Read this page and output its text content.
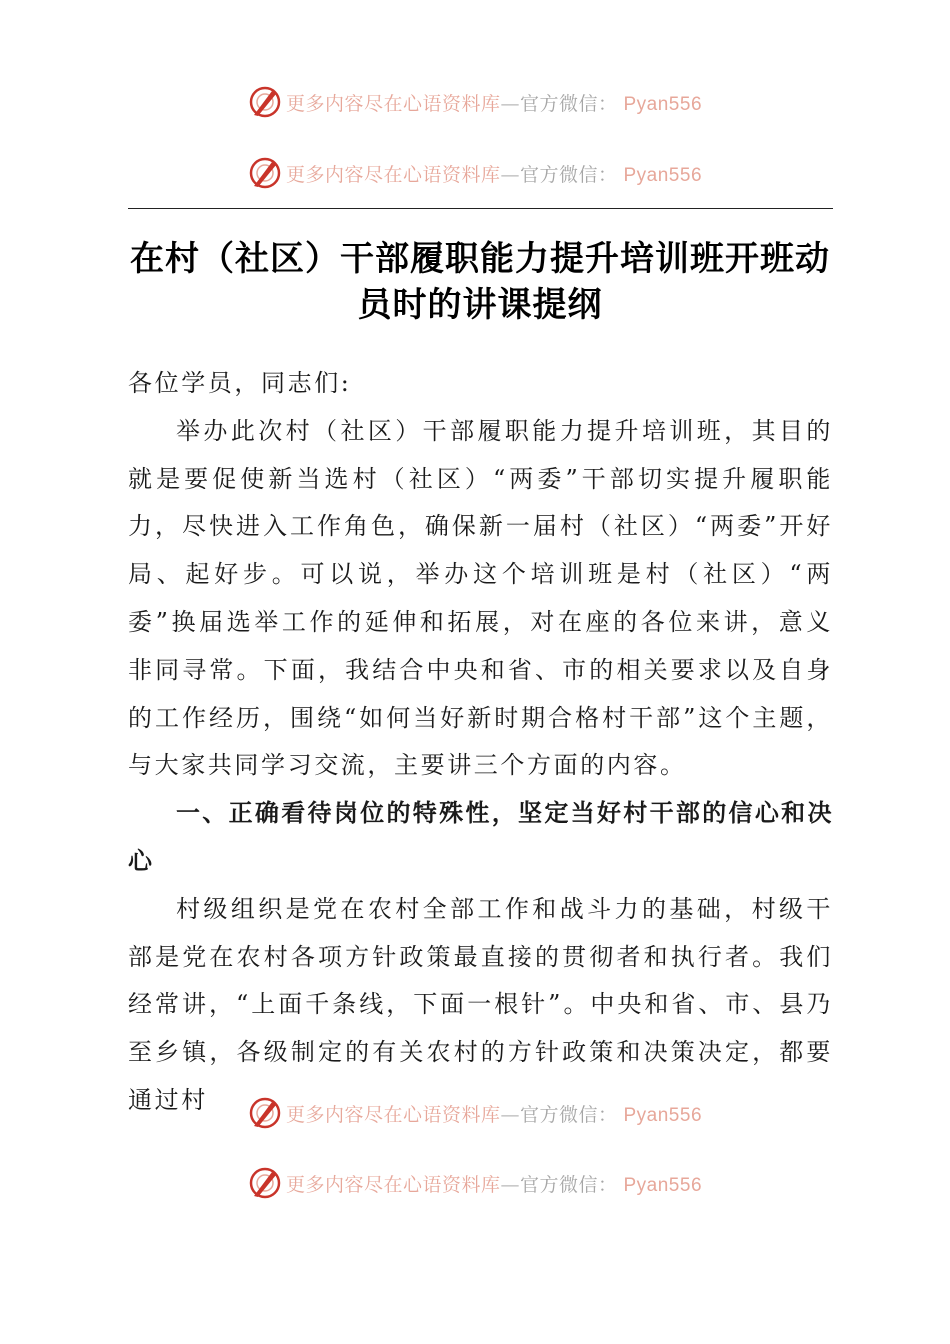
更多内容尽在心语资料库—官方微信： Pyan556
更多内容尽在心语资料库—官方微信： Pyan556
在村（社区）干部履职能力提升培训班开班动员时的讲课提纲

各位学员，同志们:

举办此次村（社区）干部履职能力提升培训班，其目的就是要促使新当选村（社区）“两委”干部切实提升履职能力，尽快进入工作角色，确保新一届村（社区）“两委”开好局、起好步。可以说，举办这个培训班是村（社区）“两委”换届选举工作的延伸和拓展，对在座的各位来讲，意义非同寻常。下面，我结合中央和省、市的相关要求以及自身的工作经历，围绕“如何当好新时期合格村干部”这个主题，与大家共同学习交流，主要讲三个方面的内容。

一、正确看待岗位的特殊性，坚定当好村干部的信心和决心

村级组织是党在农村全部工作和战斗力的基础，村级干部是党在农村各项方针政策最直接的贯彻者和执行者。我们经常讲，“上面千条线，下面一根针”。中央和省、市、县乃至乡镇，各级制定的有关农村的方针政策和决策决定，都要通过村

更多内容尽在心语资料库—官方微信： Pyan556
更多内容尽在心语资料库—官方微信： Pyan556
